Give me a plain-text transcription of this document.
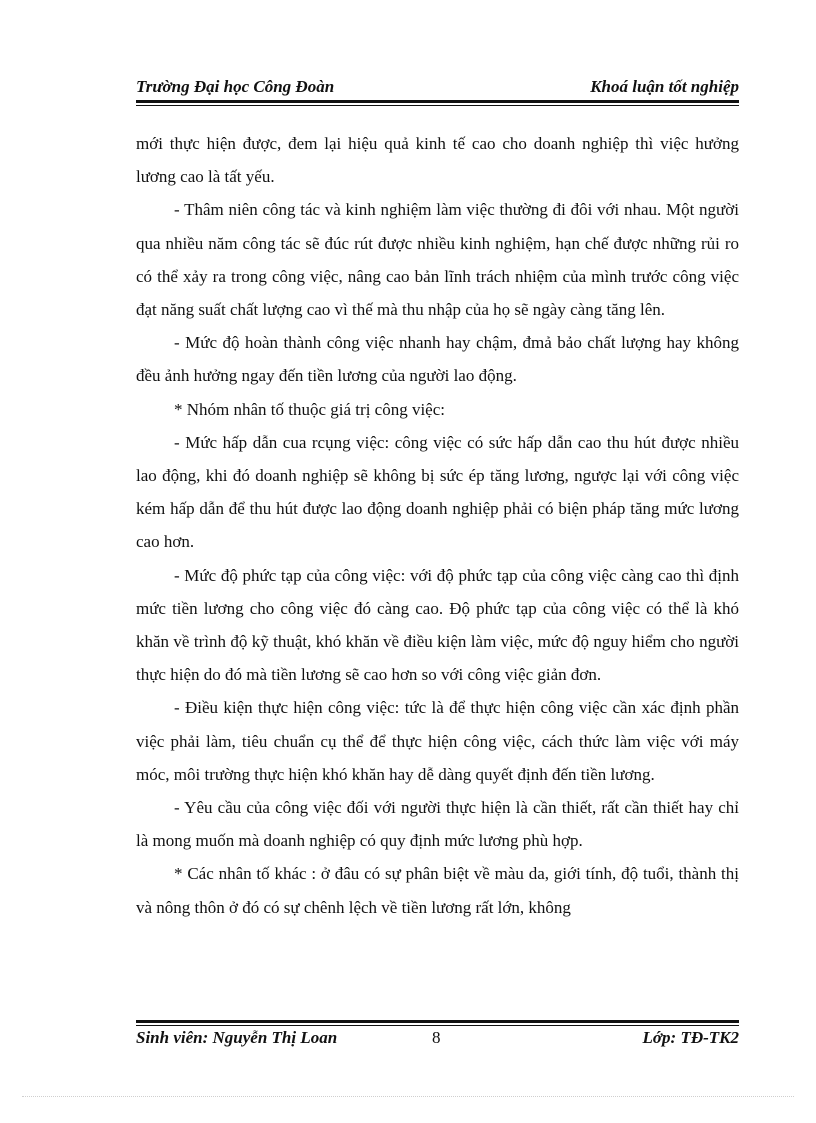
Trường Đại học Công Đoàn	Khoá luận tốt nghiệp

mới thực hiện được, đem lại hiệu quả kinh tế cao cho doanh nghiệp thì việc hưởng lương cao là tất yếu.

- Thâm niên công tác và kinh nghiệm làm việc thường đi đôi với nhau. Một người qua nhiều năm công tác sẽ đúc rút được nhiều kinh nghiệm, hạn chế được những rủi ro có thể xảy ra trong công việc, nâng cao bản lĩnh trách nhiệm của mình trước công việc đạt năng suất chất lượng cao vì thế mà thu nhập của họ sẽ ngày càng tăng lên.

- Mức độ hoàn thành công việc nhanh hay chậm, đmả bảo chất lượng hay không đều ảnh hưởng ngay đến tiền lương của người lao động.

* Nhóm nhân tố thuộc giá trị công việc:

- Mức hấp dẫn cua rcụng việc: công việc có sức hấp dẫn cao thu hút được nhiều lao động, khi đó doanh nghiệp sẽ không bị sức ép tăng lương, ngược lại với công việc kém hấp dẫn để thu hút được lao động doanh nghiệp phải có biện pháp tăng mức lương cao hơn.

- Mức độ phức tạp của công việc: với độ phức tạp của công việc càng cao thì định mức tiền lương cho công việc đó càng cao. Độ phức tạp của công việc có thể là khó khăn về trình độ kỹ thuật, khó khăn về điều kiện làm việc, mức độ nguy hiểm cho người thực hiện do đó mà tiền lương sẽ cao hơn so với công việc giản đơn.

- Điều kiện thực hiện công việc: tức là để thực hiện công việc cần xác định phần việc phải làm, tiêu chuẩn cụ thể để thực hiện công việc, cách thức làm việc với máy móc, môi trường thực hiện khó khăn hay dễ dàng quyết định đến tiền lương.

- Yêu cầu của công việc đối với người thực hiện là cần thiết, rất cần thiết hay chỉ là mong muốn mà doanh nghiệp có quy định mức lương phù hợp.

* Các nhân tố khác : ở đâu có sự phân biệt về màu da, giới tính, độ tuổi, thành thị và nông thôn ở đó có sự chênh lệch về tiền lương rất lớn, không

Sinh viên: Nguyễn Thị Loan	8	Lớp: TĐ-TK2
